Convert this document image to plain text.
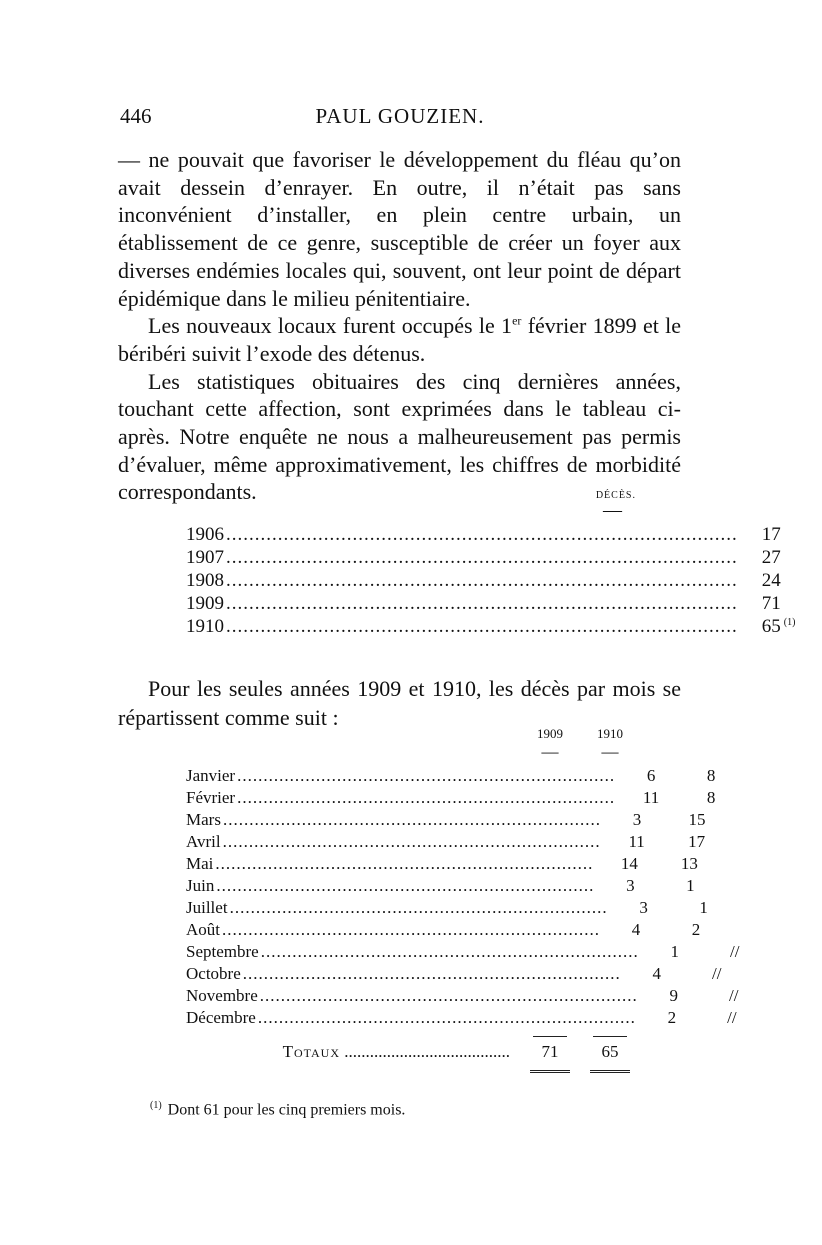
446	PAUL GOUZIEN.

— ne pouvait que favoriser le développement du fléau qu’on avait dessein d’enrayer. En outre, il n’était pas sans inconvénient d’installer, en plein centre urbain, un établissement de ce genre, susceptible de créer un foyer aux diverses endémies locales qui, souvent, ont leur point de départ épidémique dans le milieu pénitentiaire.

Les nouveaux locaux furent occupés le 1er février 1899 et le béribéri suivit l’exode des détenus.

Les statistiques obituaires des cinq dernières années, touchant cette affection, sont exprimées dans le tableau ci-après. Notre enquête ne nous a malheureusement pas permis d’évaluer, même approximativement, les chiffres de morbidité correspondants.	DÉCÈS.
—
1906 .........................................................................................	17
1907 .........................................................................................	27
1908 .........................................................................................	24
1909 .........................................................................................	71
1910 .........................................................................................	65 $^{(1)}$

Pour les seules années 1909 et 1910, les décès par mois se répartissent comme suit :

1909	1910
—	—
Janvier ........................................................................	6	8
Février ........................................................................	11	8
Mars ........................................................................	3	15
Avril ........................................................................	11	17
Mai ........................................................................	14	13
Juin ........................................................................	3	1
Juillet ........................................................................	3	1
Août ........................................................................	4	2
Septembre ........................................................................	1	//
Octobre ........................................................................	4	//
Novembre ........................................................................	9	//
Décembre ........................................................................	2	//
Totaux .......................................	71	65
$^{(1)}$ Dont 61 pour les cinq premiers mois.
